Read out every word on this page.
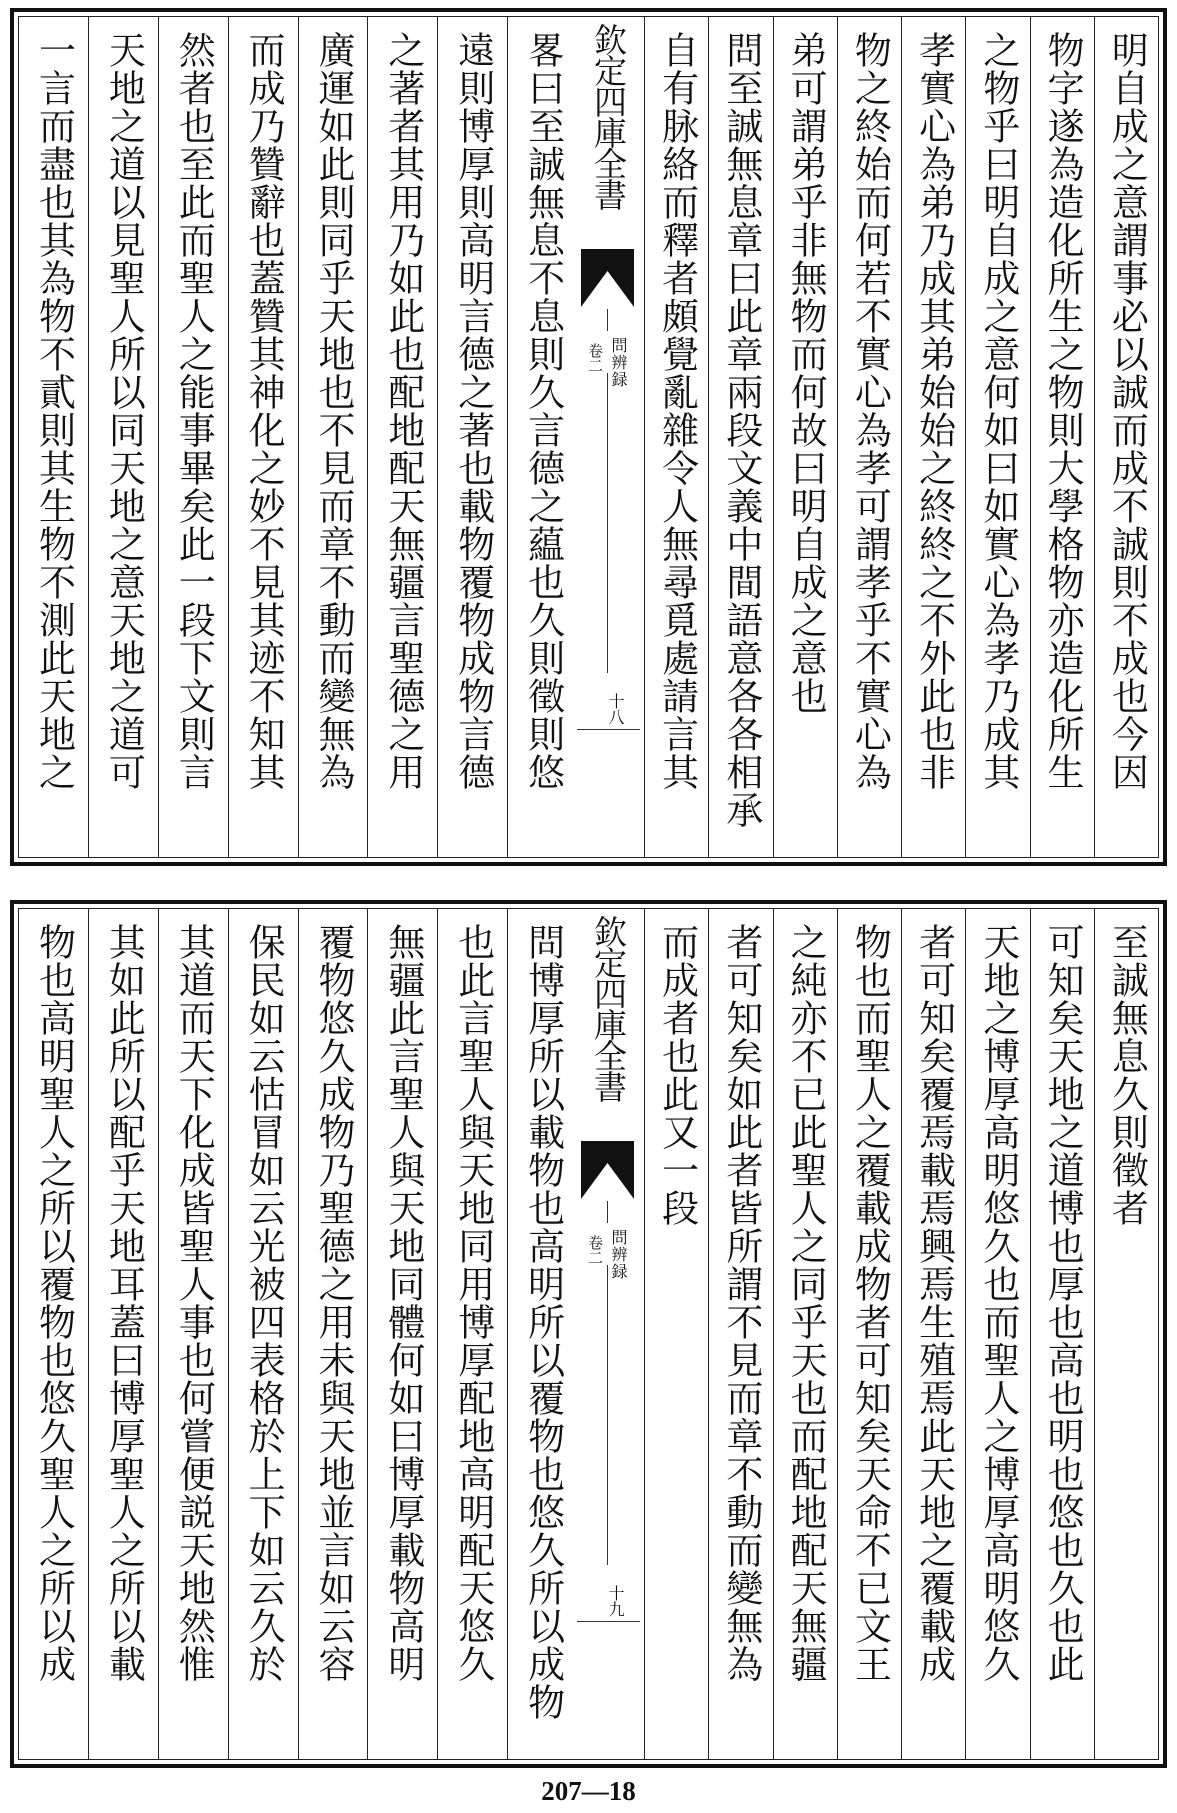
一言而盡也其為物不貳則其生物不測此天地之 天地之道以見聖人所以同天地之意天地之道可 然者也至此而聖人之能事畢矣此一段下文則言 而成乃贊辭也蓋贊其神化之妙不見其迹不知其 廣運如此則同乎天地也不見而章不動而變無為 之著者其用乃如此也配地配天無疆言聖德之用 遠則博厚則高明言德之著也載物覆物成物言德 畧曰至誠無息不息則久言德之藴也久則徵則悠 欽定四庫全書
問辨録
卷二
十八 自有脉絡而釋者頗覺亂雜令人無尋覓處請言其 問至誠無息章曰此章兩段文義中間語意各各相承 弟可謂弟乎非無物而何故曰明自成之意也 物之終始而何若不實心為孝可謂孝乎不實心為 孝實心為弟乃成其弟始始之終終之不外此也非 之物乎曰明自成之意何如曰如實心為孝乃成其 物字遂為造化所生之物則大學格物亦造化所生 明自成之意謂事必以誠而成不誠則不成也今因
物也高明聖人之所以覆物也悠久聖人之所以成 其如此所以配乎天地耳蓋曰博厚聖人之所以載 其道而天下化成皆聖人事也何嘗便説天地然惟 保民如云怙冒如云光被四表格於上下如云久於 覆物悠久成物乃聖德之用未與天地並言如云容 無疆此言聖人與天地同體何如曰博厚載物高明 也此言聖人與天地同用博厚配地高明配天悠久 問博厚所以載物也高明所以覆物也悠久所以成物 欽定四庫全書
問辨録
卷二
十九
而成者也此又一段 者可知矣如此者皆所謂不見而章不動而變無為 之純亦不已此聖人之同乎天也而配地配天無疆 物也而聖人之覆載成物者可知矣天命不已文王 者可知矣覆焉載焉興焉生殖焉此天地之覆載成 天地之博厚高明悠久也而聖人之博厚高明悠久 可知矣天地之道博也厚也高也明也悠也久也此 至誠無息久則徵者
207—18
